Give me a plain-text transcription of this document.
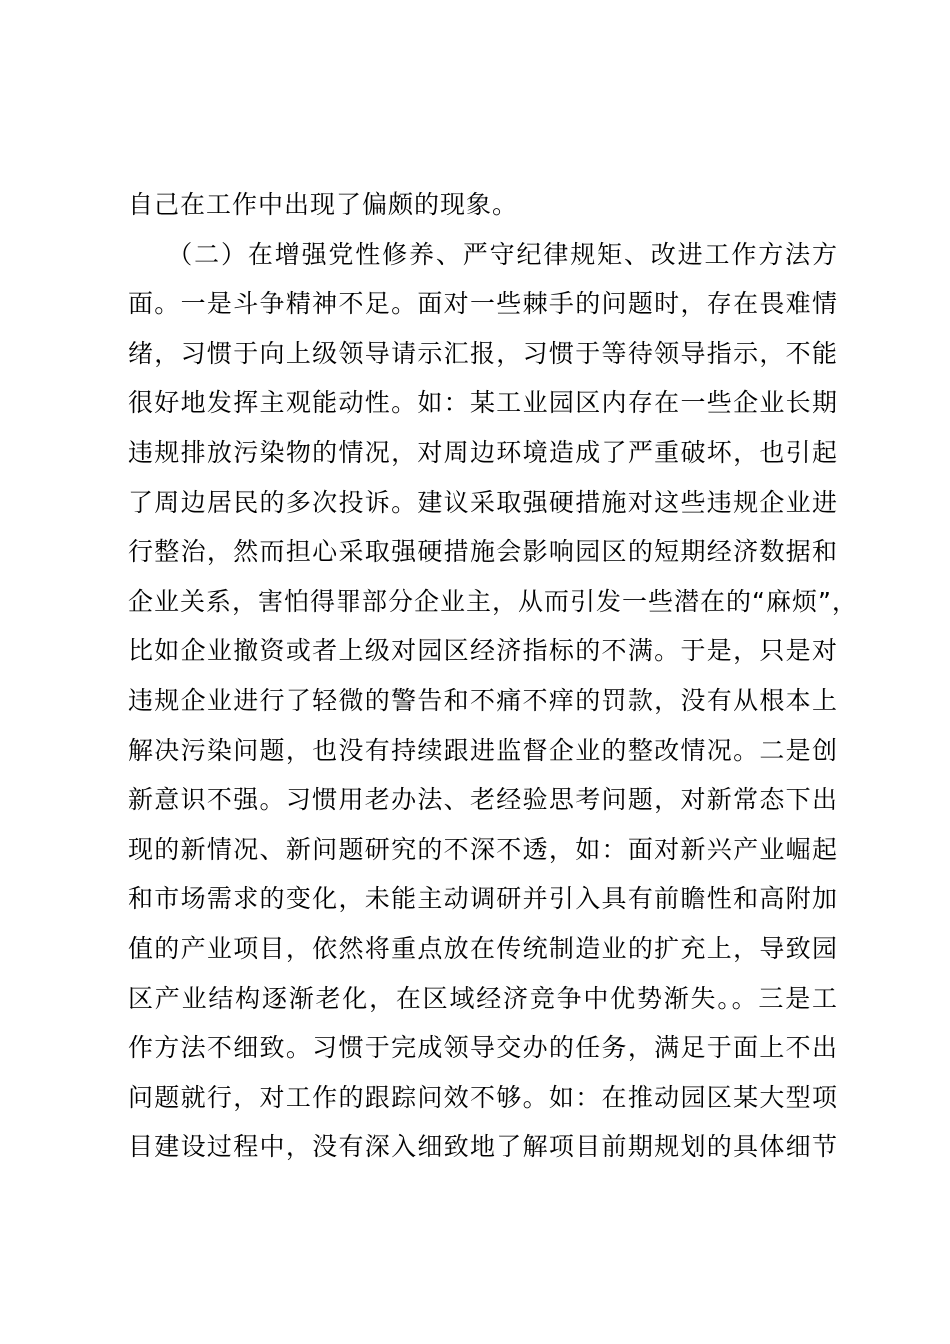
自己在工作中出现了偏颇的现象。
（二）在增强党性修养、严守纪律规矩、改进工作方法方
面。一是斗争精神不足。面对一些棘手的问题时，存在畏难情
绪，习惯于向上级领导请示汇报，习惯于等待领导指示，不能
很好地发挥主观能动性。如：某工业园区内存在一些企业长期
违规排放污染物的情况，对周边环境造成了严重破坏，也引起
了周边居民的多次投诉。建议采取强硬措施对这些违规企业进
行整治，然而担心采取强硬措施会影响园区的短期经济数据和
企业关系，害怕得罪部分企业主，从而引发一些潜在的“麻烦”，
比如企业撤资或者上级对园区经济指标的不满。于是，只是对
违规企业进行了轻微的警告和不痛不痒的罚款，没有从根本上
解决污染问题，也没有持续跟进监督企业的整改情况。二是创
新意识不强。习惯用老办法、老经验思考问题，对新常态下出
现的新情况、新问题研究的不深不透，如：面对新兴产业崛起
和市场需求的变化，未能主动调研并引入具有前瞻性和高附加
值的产业项目，依然将重点放在传统制造业的扩充上，导致园
区产业结构逐渐老化，在区域经济竞争中优势渐失。。三是工
作方法不细致。习惯于完成领导交办的任务，满足于面上不出
问题就行，对工作的跟踪问效不够。如：在推动园区某大型项
目建设过程中，没有深入细致地了解项目前期规划的具体细节
